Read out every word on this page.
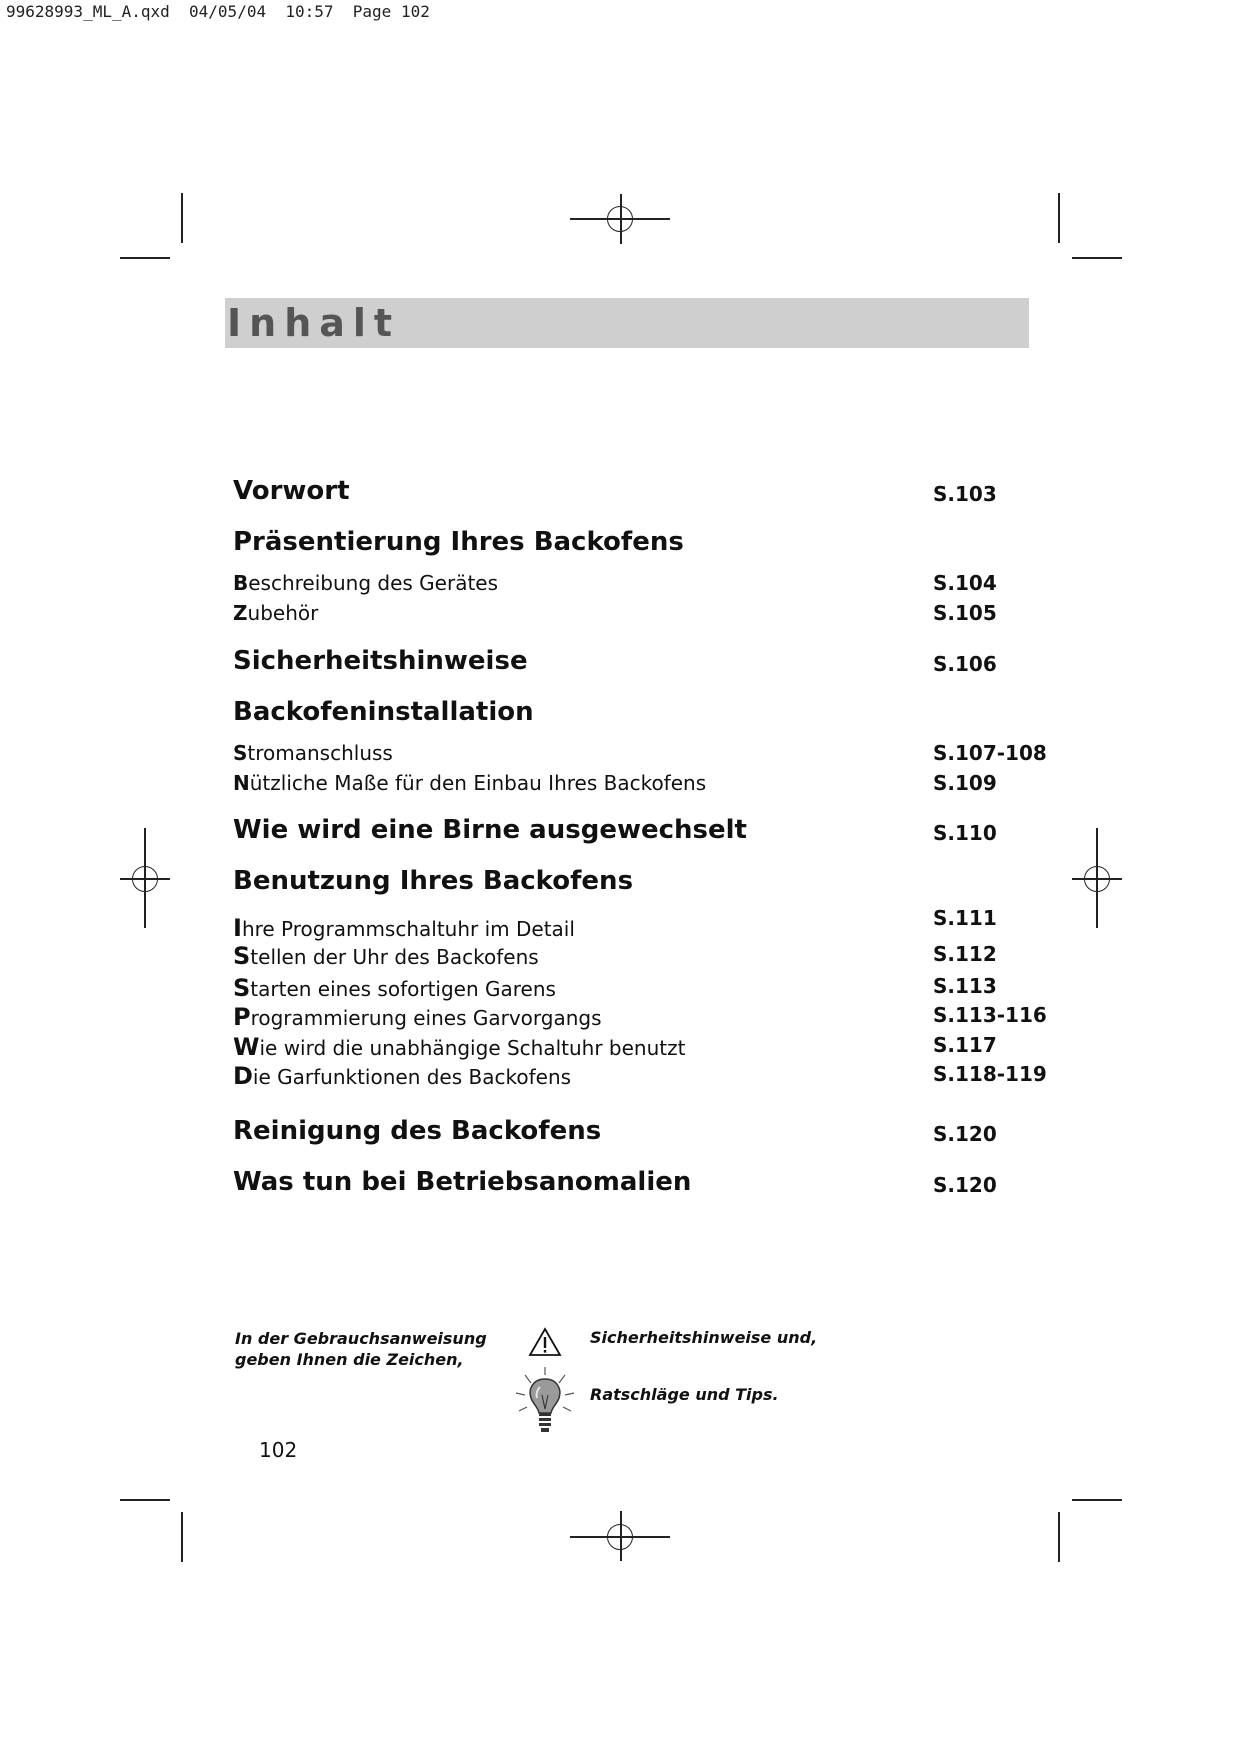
99628993_ML_A.qxd  04/05/04  10:57  Page 102
Inhalt
Vorwort	S.103
Präsentierung Ihres Backofens
Beschreibung des Gerätes	S.104
Zubehör	S.105
Sicherheitshinweise	S.106
Backofeninstallation
Stromanschluss	S.107-108
Nützliche Maße für den Einbau Ihres Backofens	S.109
Wie wird eine Birne ausgewechselt	S.110
Benutzung Ihres Backofens
Ihre Programmschaltuhr im Detail	S.111
Stellen der Uhr des Backofens	S.112
Starten eines sofortigen Garens	S.113
Programmierung eines Garvorgangs	S.113-116
Wie wird die unabhängige Schaltuhr benutzt	S.117
Die Garfunktionen des Backofens	S.118-119
Reinigung des Backofens	S.120
Was tun bei Betriebsanomalien	S.120
In der Gebrauchsanweisung
geben Ihnen die Zeichen,
Sicherheitshinweise und,
Ratschläge und Tips.
102
